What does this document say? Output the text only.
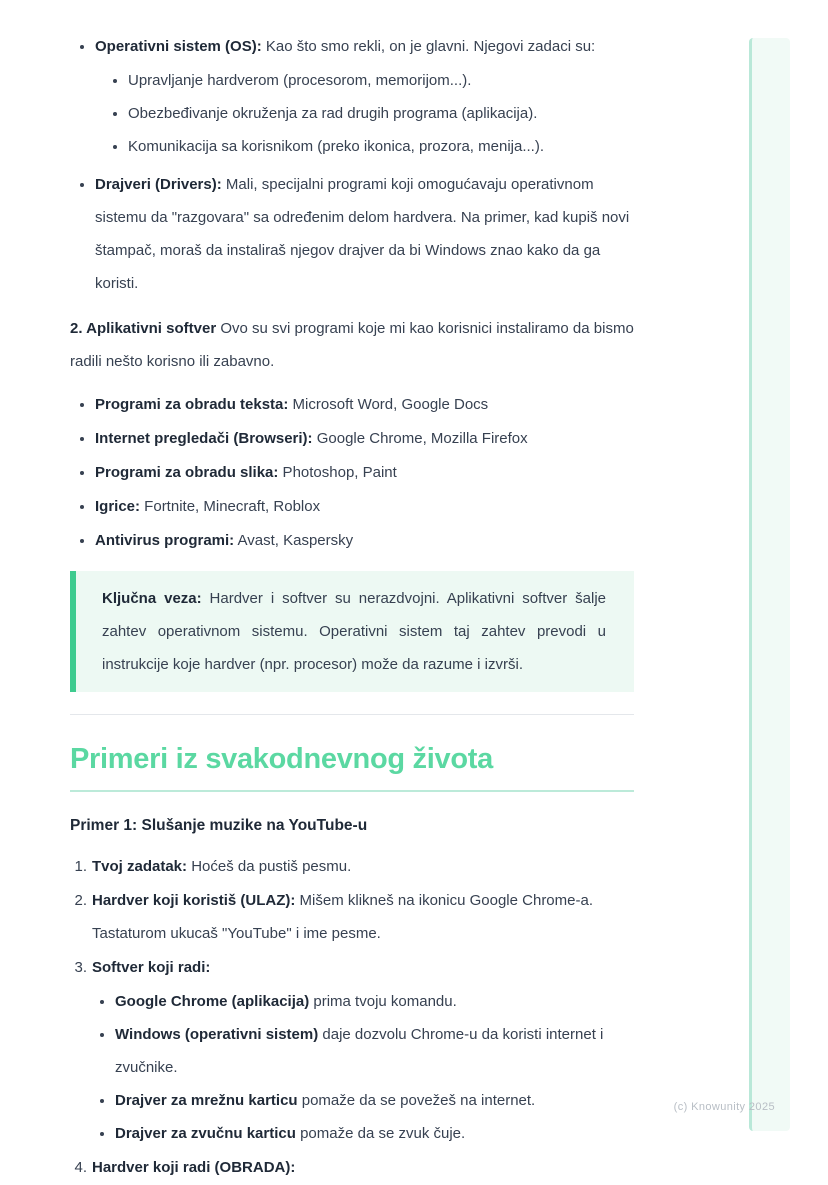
• Operativni sistem (OS): Kao što smo rekli, on je glavni. Njegovi zadaci su:
• Upravljanje hardverom (procesorom, memorijom...).
• Obezbeđivanje okruženja za rad drugih programa (aplikacija).
• Komunikacija sa korisnikom (preko ikonica, prozora, menija...).
• Drajveri (Drivers): Mali, specijalni programi koji omogućavaju operativnom sistemu da "razgovara" sa određenim delom hardvera. Na primer, kad kupiš novi štampač, moraš da instaliraš njegov drajver da bi Windows znao kako da ga koristi.

2. Aplikativni softver Ovo su svi programi koje mi kao korisnici instaliramo da bismo radili nešto korisno ili zabavno.

• Programi za obradu teksta: Microsoft Word, Google Docs
• Internet pregledači (Browseri): Google Chrome, Mozilla Firefox
• Programi za obradu slika: Photoshop, Paint
• Igrice: Fortnite, Minecraft, Roblox
• Antivirus programi: Avast, Kaspersky

Ključna veza: Hardver i softver su nerazdvojni. Aplikativni softver šalje zahtev operativnom sistemu. Operativni sistem taj zahtev prevodi u instrukcije koje hardver (npr. procesor) može da razume i izvrši.

Primeri iz svakodnevnog života
Primer 1: Slušanje muzike na YouTube-u
1. Tvoj zadatak: Hoćeš da pustiš pesmu.
2. Hardver koji koristiš (ULAZ): Mišem klikneš na ikonicu Google Chrome-a. Tastaturom ukucaš "YouTube" i ime pesme.
3. Softver koji radi:
• Google Chrome (aplikacija) prima tvoju komandu.
• Windows (operativni sistem) daje dozvolu Chrome-u da koristi internet i zvučnike.
• Drajver za mrežnu karticu pomaže da se povežeš na internet.
• Drajver za zvučnu karticu pomaže da se zvuk čuje.
4. Hardver koji radi (OBRADA):
(c) Knowunity 2025
